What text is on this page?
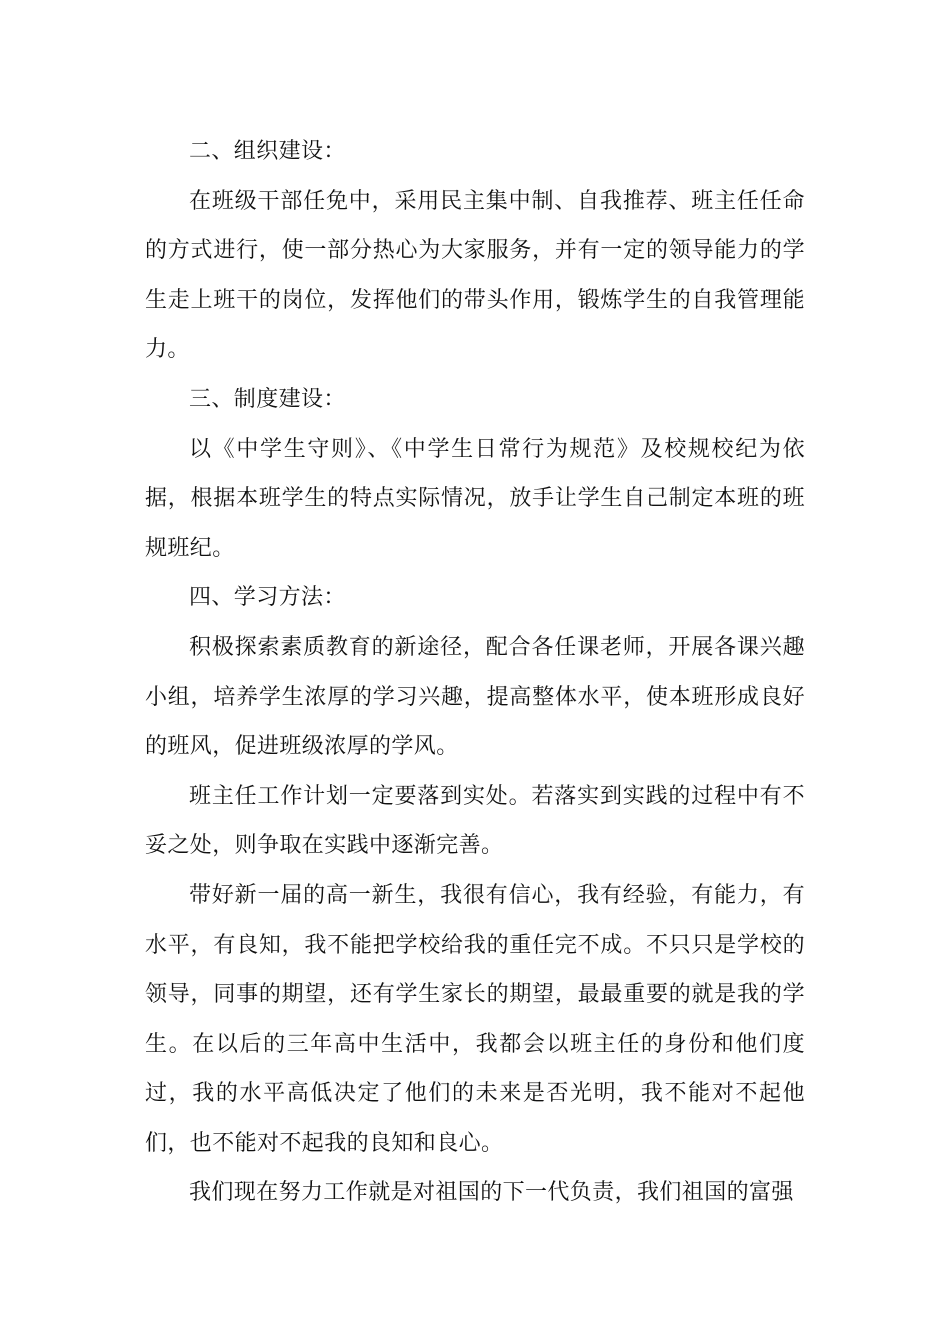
二、组织建设：

在班级干部任免中，采用民主集中制、自我推荐、班主任任命的方式进行，使一部分热心为大家服务，并有一定的领导能力的学生走上班干的岗位，发挥他们的带头作用，锻炼学生的自我管理能力。

三、制度建设：

以《中学生守则》、《中学生日常行为规范》及校规校纪为依据，根据本班学生的特点实际情况，放手让学生自己制定本班的班规班纪。

四、学习方法：

积极探索素质教育的新途径，配合各任课老师，开展各课兴趣小组，培养学生浓厚的学习兴趣，提高整体水平，使本班形成良好的班风，促进班级浓厚的学风。

班主任工作计划一定要落到实处。若落实到实践的过程中有不妥之处，则争取在实践中逐渐完善。

带好新一届的高一新生，我很有信心，我有经验，有能力，有水平，有良知，我不能把学校给我的重任完不成。不只只是学校的领导，同事的期望，还有学生家长的期望，最最重要的就是我的学生。在以后的三年高中生活中，我都会以班主任的身份和他们度过，我的水平高低决定了他们的未来是否光明，我不能对不起他们，也不能对不起我的良知和良心。

我们现在努力工作就是对祖国的下一代负责，我们祖国的富强
